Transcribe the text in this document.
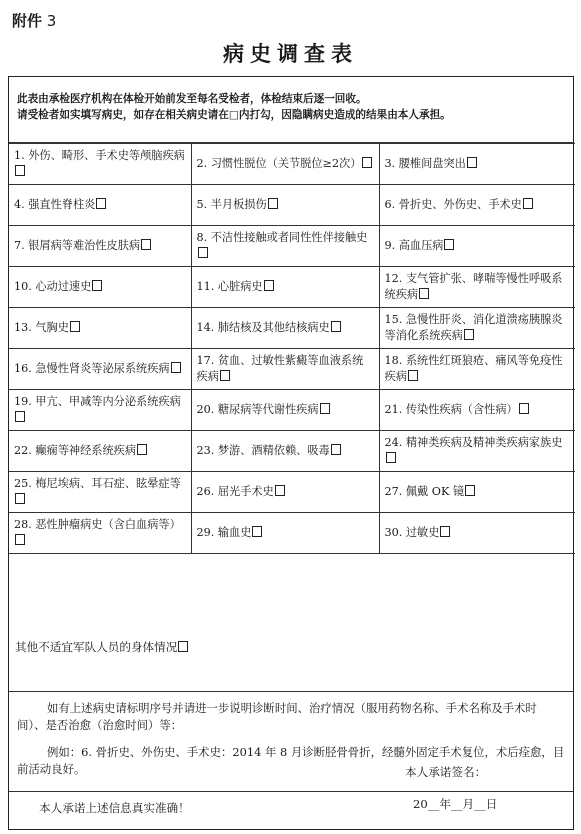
附件 3
病史调查表
此表由承检医疗机构在体检开始前发至每名受检者，体检结束后逐一回收。
请受检者如实填写病史，如存在相关病史请在□内打勾，因隐瞒病史造成的结果由本人承担。
1. 外伤、畸形、手术史等颅脑疾病	2. 习惯性脱位（关节脱位≥2次）	3. 腰椎间盘突出
4. 强直性脊柱炎	5. 半月板损伤	6. 骨折史、外伤史、手术史
7. 银屑病等难治性皮肤病	8. 不洁性接触或者同性性伴接触史	9. 高血压病
10. 心动过速史	11. 心脏病史	12. 支气管扩张、哮喘等慢性呼吸系统疾病
13. 气胸史	14. 肺结核及其他结核病史	15. 急慢性肝炎、消化道溃疡胰腺炎等消化系统疾病
16. 急慢性肾炎等泌尿系统疾病	17. 贫血、过敏性紫癜等血液系统疾病	18. 系统性红斑狼疮、痛风等免疫性疾病
19. 甲亢、甲减等内分泌系统疾病	20. 糖尿病等代谢性疾病	21. 传染性疾病（含性病）
22. 癫痫等神经系统疾病	23. 梦游、酒精依赖、吸毒	24. 精神类疾病及精神类疾病家族史
25. 梅尼埃病、耳石症、眩晕症等	26. 屈光手术史	27. 佩戴 OK 镜
28. 恶性肿瘤病史（含白血病等）	29. 输血史	30. 过敏史
其他不适宜军队人员的身体情况

如有上述病史请标明序号并请进一步说明诊断时间、治疗情况（服用药物名称、手术名称及手术时间）、是否治愈（治愈时间）等：

例如：6. 骨折史、外伤史、手术史：2014 年 8 月诊断胫骨骨折，经髓外固定手术复位，术后痊愈，目前活动良好。

本人承诺上述信息真实准确！
本人承诺签名：
20__年__月__日
